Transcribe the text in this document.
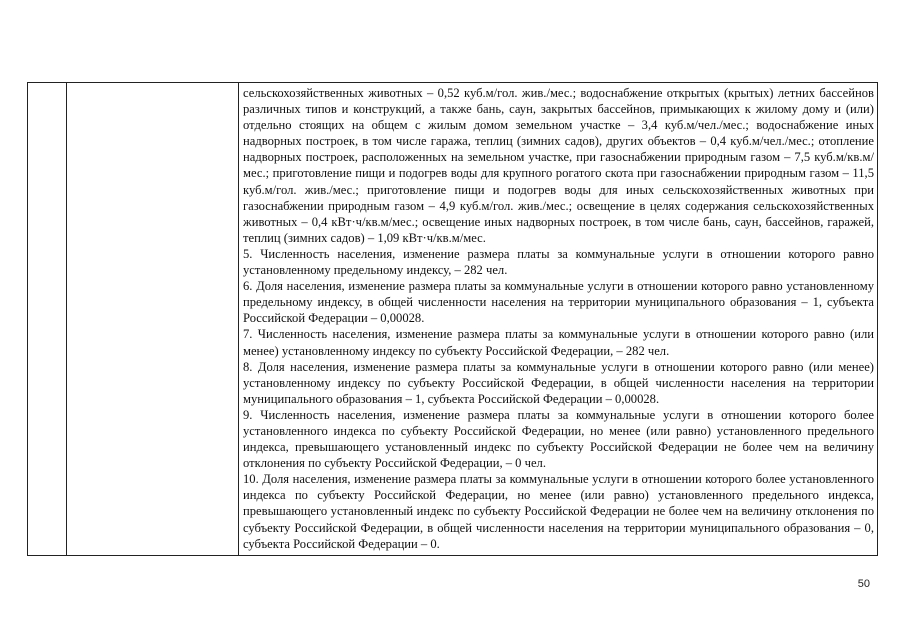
сельскохозяйственных животных – 0,52 куб.м/гол. жив./мес.; водоснабжение открытых (крытых) летних бассейнов различных типов и конструкций, а также бань, саун, закрытых бассейнов, примыкающих к жилому дому и (или) отдельно стоящих на общем с жилым домом земельном участке – 3,4 куб.м/чел./мес.; водоснабжение иных надворных построек, в том числе гаража, теплиц (зимних садов), других объектов – 0,4 куб.м/чел./мес.; отопление надворных построек, расположенных на земельном участке, при газоснабжении природным газом – 7,5 куб.м/кв.м/мес.; приготовление пищи и подогрев воды для крупного рогатого скота при газоснабжении природным газом – 11,5 куб.м/гол. жив./мес.; приготовление пищи и подогрев воды для иных сельскохозяйственных животных при газоснабжении природным газом – 4,9 куб.м/гол. жив./мес.; освещение в целях содержания сельскохозяйственных животных – 0,4 кВт·ч/кв.м/мес.; освещение иных надворных построек, в том числе бань, саун, бассейнов, гаражей, теплиц (зимних садов) – 1,09 кВт·ч/кв.м/мес.

5. Численность населения, изменение размера платы за коммунальные услуги в отношении которого равно установленному предельному индексу, – 282 чел.

6. Доля населения, изменение размера платы за коммунальные услуги в отношении которого равно установленному предельному индексу, в общей численности населения на территории муниципального образования – 1, субъекта Российской Федерации – 0,00028.

7. Численность населения, изменение размера платы за коммунальные услуги в отношении которого равно (или менее) установленному индексу по субъекту Российской Федерации, – 282 чел.

8. Доля населения, изменение размера платы за коммунальные услуги в отношении которого равно (или менее) установленному индексу по субъекту Российской Федерации, в общей численности населения на территории муниципального образования – 1, субъекта Российской Федерации – 0,00028.

9. Численность населения, изменение размера платы за коммунальные услуги в отношении которого более установленного индекса по субъекту Российской Федерации, но менее (или равно) установленного предельного индекса, превышающего установленный индекс по субъекту Российской Федерации не более чем на величину отклонения по субъекту Российской Федерации, – 0 чел.

10. Доля населения, изменение размера платы за коммунальные услуги в отношении которого более установленного индекса по субъекту Российской Федерации, но менее (или равно) установленного предельного индекса, превышающего установленный индекс по субъекту Российской Федерации не более чем на величину отклонения по субъекту Российской Федерации, в общей численности населения на территории муниципального образования – 0, субъекта Российской Федерации – 0.

50
